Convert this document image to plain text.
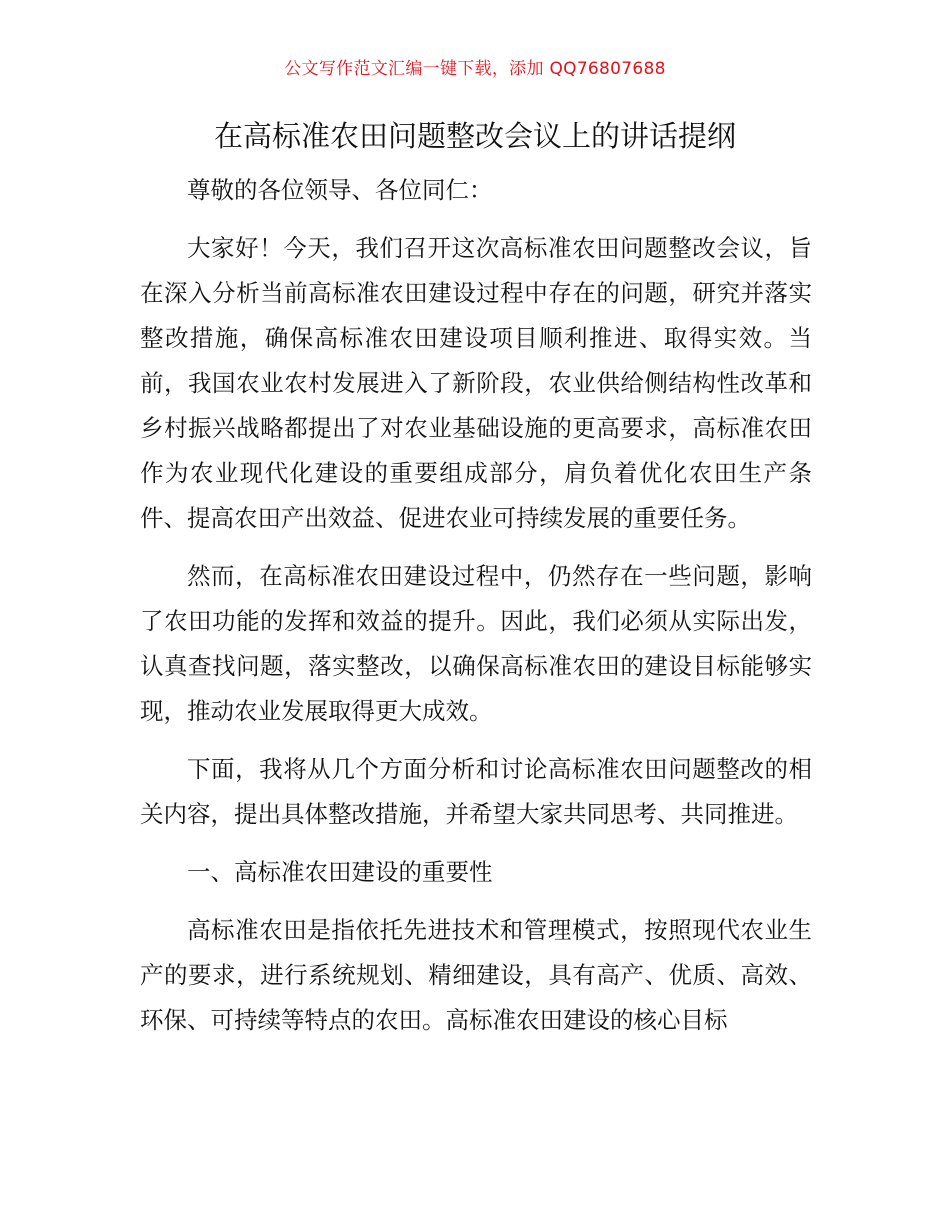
公文写作范文汇编一键下载，添加 QQ76807688
在高标准农田问题整改会议上的讲话提纲

尊敬的各位领导、各位同仁：

大家好！今天，我们召开这次高标准农田问题整改会议，旨在深入分析当前高标准农田建设过程中存在的问题，研究并落实整改措施，确保高标准农田建设项目顺利推进、取得实效。当前，我国农业农村发展进入了新阶段，农业供给侧结构性改革和乡村振兴战略都提出了对农业基础设施的更高要求，高标准农田作为农业现代化建设的重要组成部分，肩负着优化农田生产条件、提高农田产出效益、促进农业可持续发展的重要任务。

然而，在高标准农田建设过程中，仍然存在一些问题，影响了农田功能的发挥和效益的提升。因此，我们必须从实际出发，认真查找问题，落实整改，以确保高标准农田的建设目标能够实现，推动农业发展取得更大成效。

下面，我将从几个方面分析和讨论高标准农田问题整改的相关内容，提出具体整改措施，并希望大家共同思考、共同推进。

一、高标准农田建设的重要性

高标准农田是指依托先进技术和管理模式，按照现代农业生产的要求，进行系统规划、精细建设，具有高产、优质、高效、环保、可持续等特点的农田。高标准农田建设的核心目标
